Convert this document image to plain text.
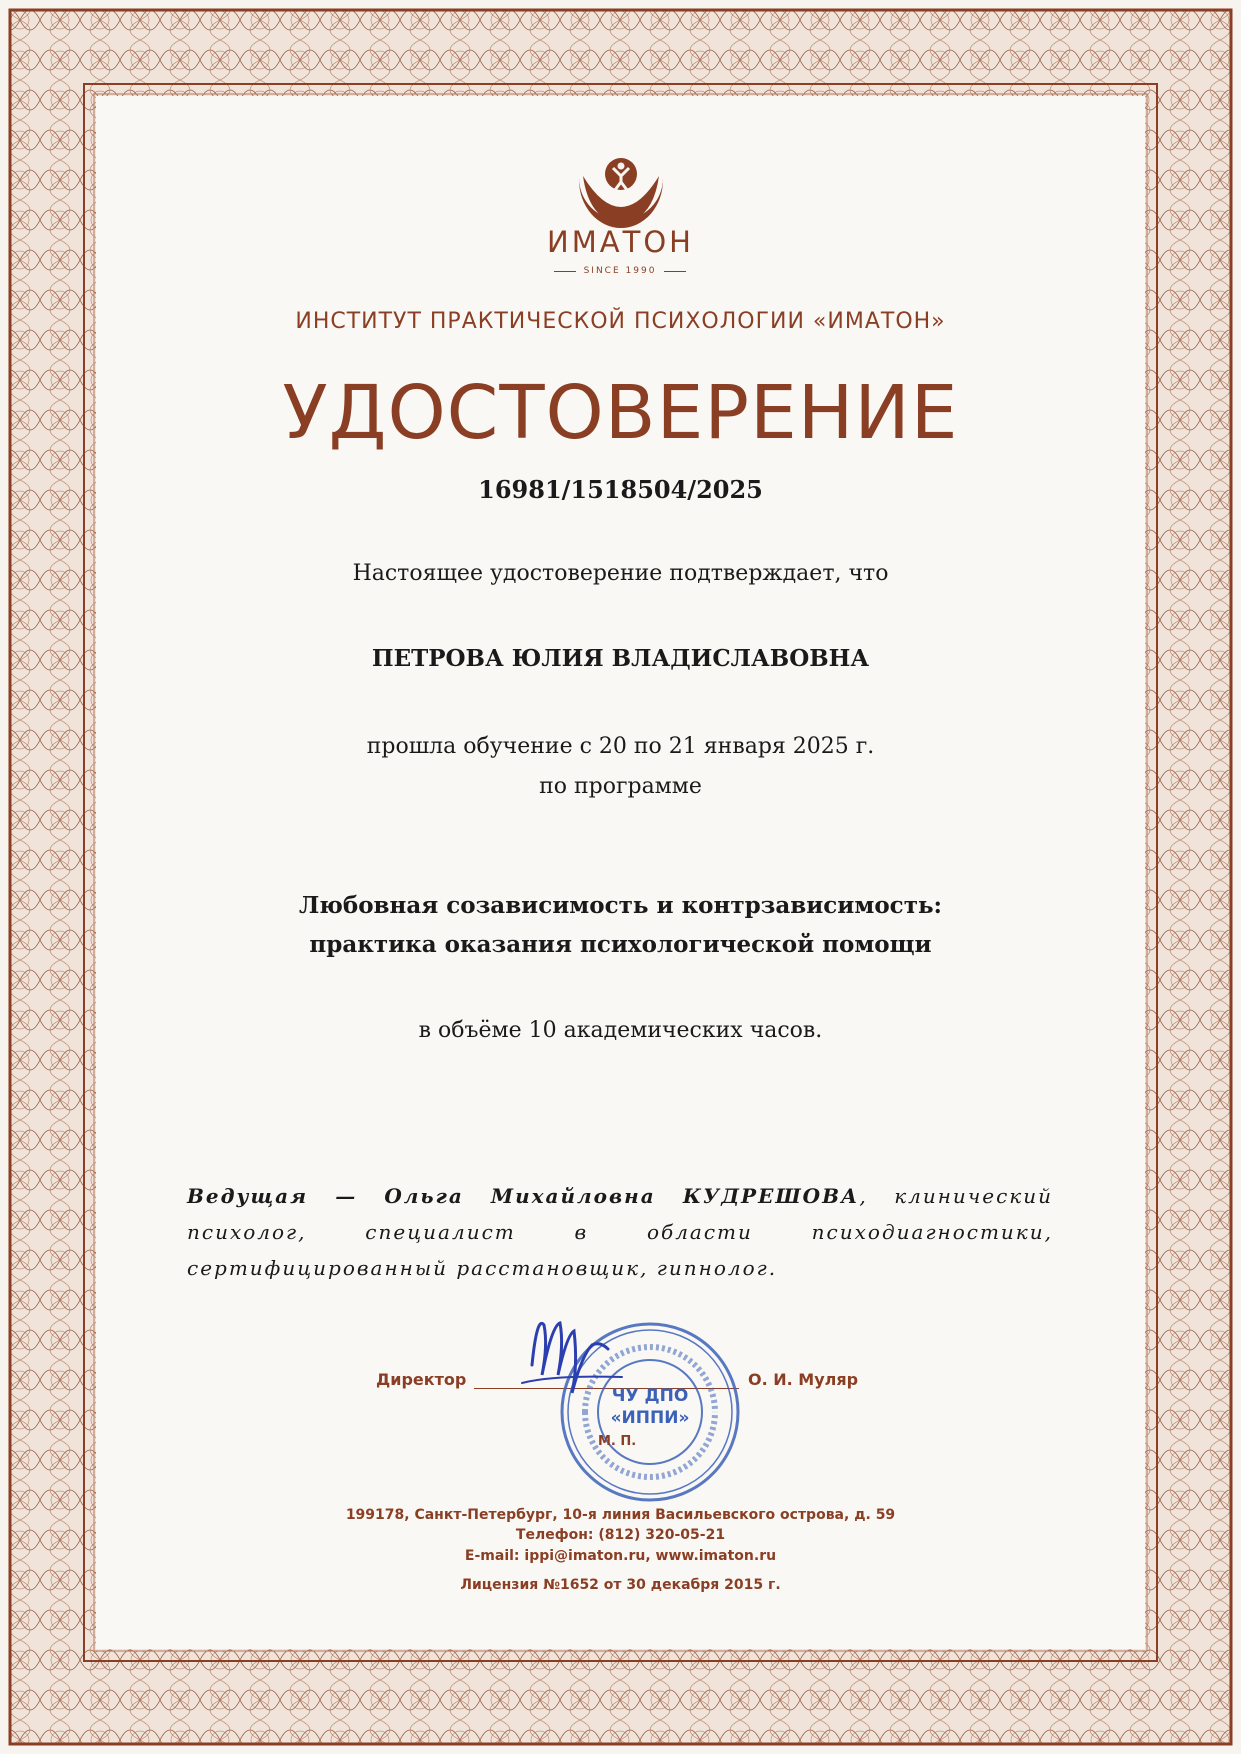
ИМАТОН
SINCE 1990
ИНСТИТУТ ПРАКТИЧЕСКОЙ ПСИХОЛОГИИ «ИМАТОН»
УДОСТОВЕРЕНИЕ
16981/1518504/2025
Настоящее удостоверение подтверждает, что
ПЕТРОВА ЮЛИЯ ВЛАДИСЛАВОВНА
прошла обучение с 20 по 21 января 2025 г.
по программе
Любовная созависимость и контрзависимость:
практика оказания психологической помощи
в объёме 10 академических часов.
Ведущая — Ольга Михайловна КУДРЕШОВА, клинический психолог, специалист в области психодиагностики, сертифицированный расстановщик, гипнолог.
Директор	О. И. Муляр
ЧУ ДПО
«ИППИ»
М. П.
199178, Санкт-Петербург, 10-я линия Васильевского острова, д. 59
Телефон: (812) 320-05-21
E-mail: ippi@imaton.ru, www.imaton.ru
Лицензия №1652 от 30 декабря 2015 г.
